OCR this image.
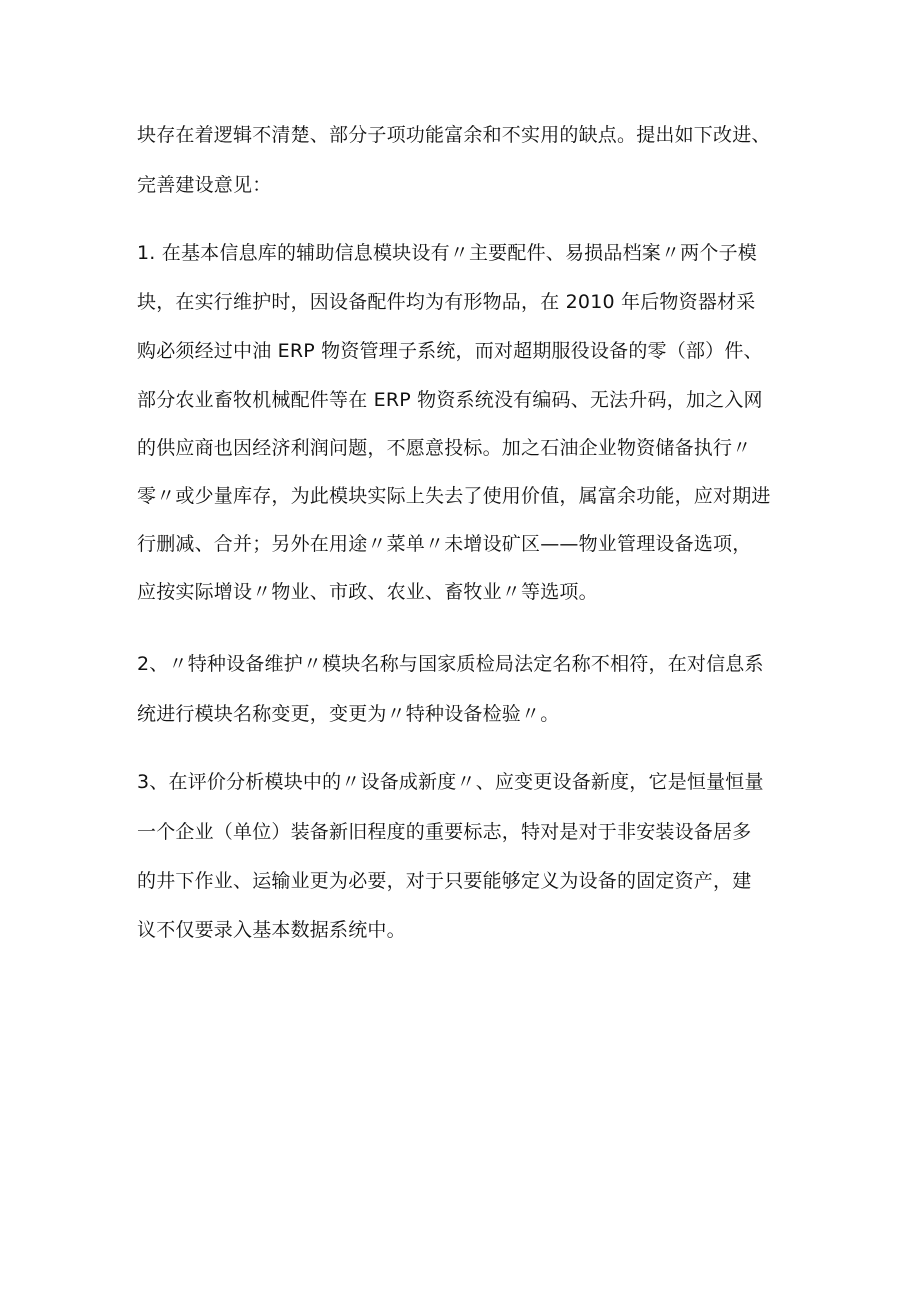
块存在着逻辑不清楚、部分子项功能富余和不实用的缺点。提出如下改进、

完善建设意见：

1. 在基本信息库的辅助信息模块设有〃主要配件、易损品档案〃两个子模

块，在实行维护时，因设备配件均为有形物品，在 2010 年后物资器材采

购必须经过中油 ERP 物资管理子系统，而对超期服役设备的零（部）件、

部分农业畜牧机械配件等在 ERP 物资系统没有编码、无法升码，加之入网

的供应商也因经济利润问题，不愿意投标。加之石油企业物资储备执行〃

零〃或少量库存，为此模块实际上失去了使用价值，属富余功能，应对期进

行删减、合并；另外在用途〃菜单〃未增设矿区——物业管理设备选项，

应按实际增设〃物业、市政、农业、畜牧业〃等选项。

2、〃特种设备维护〃模块名称与国家质检局法定名称不相符，在对信息系

统进行模块名称变更，变更为〃特种设备检验〃。

3、在评价分析模块中的〃设备成新度〃、应变更设备新度，它是恒量恒量

一个企业（单位）装备新旧程度的重要标志，特对是对于非安装设备居多

的井下作业、运输业更为必要，对于只要能够定义为设备的固定资产，建

议不仅要录入基本数据系统中。
